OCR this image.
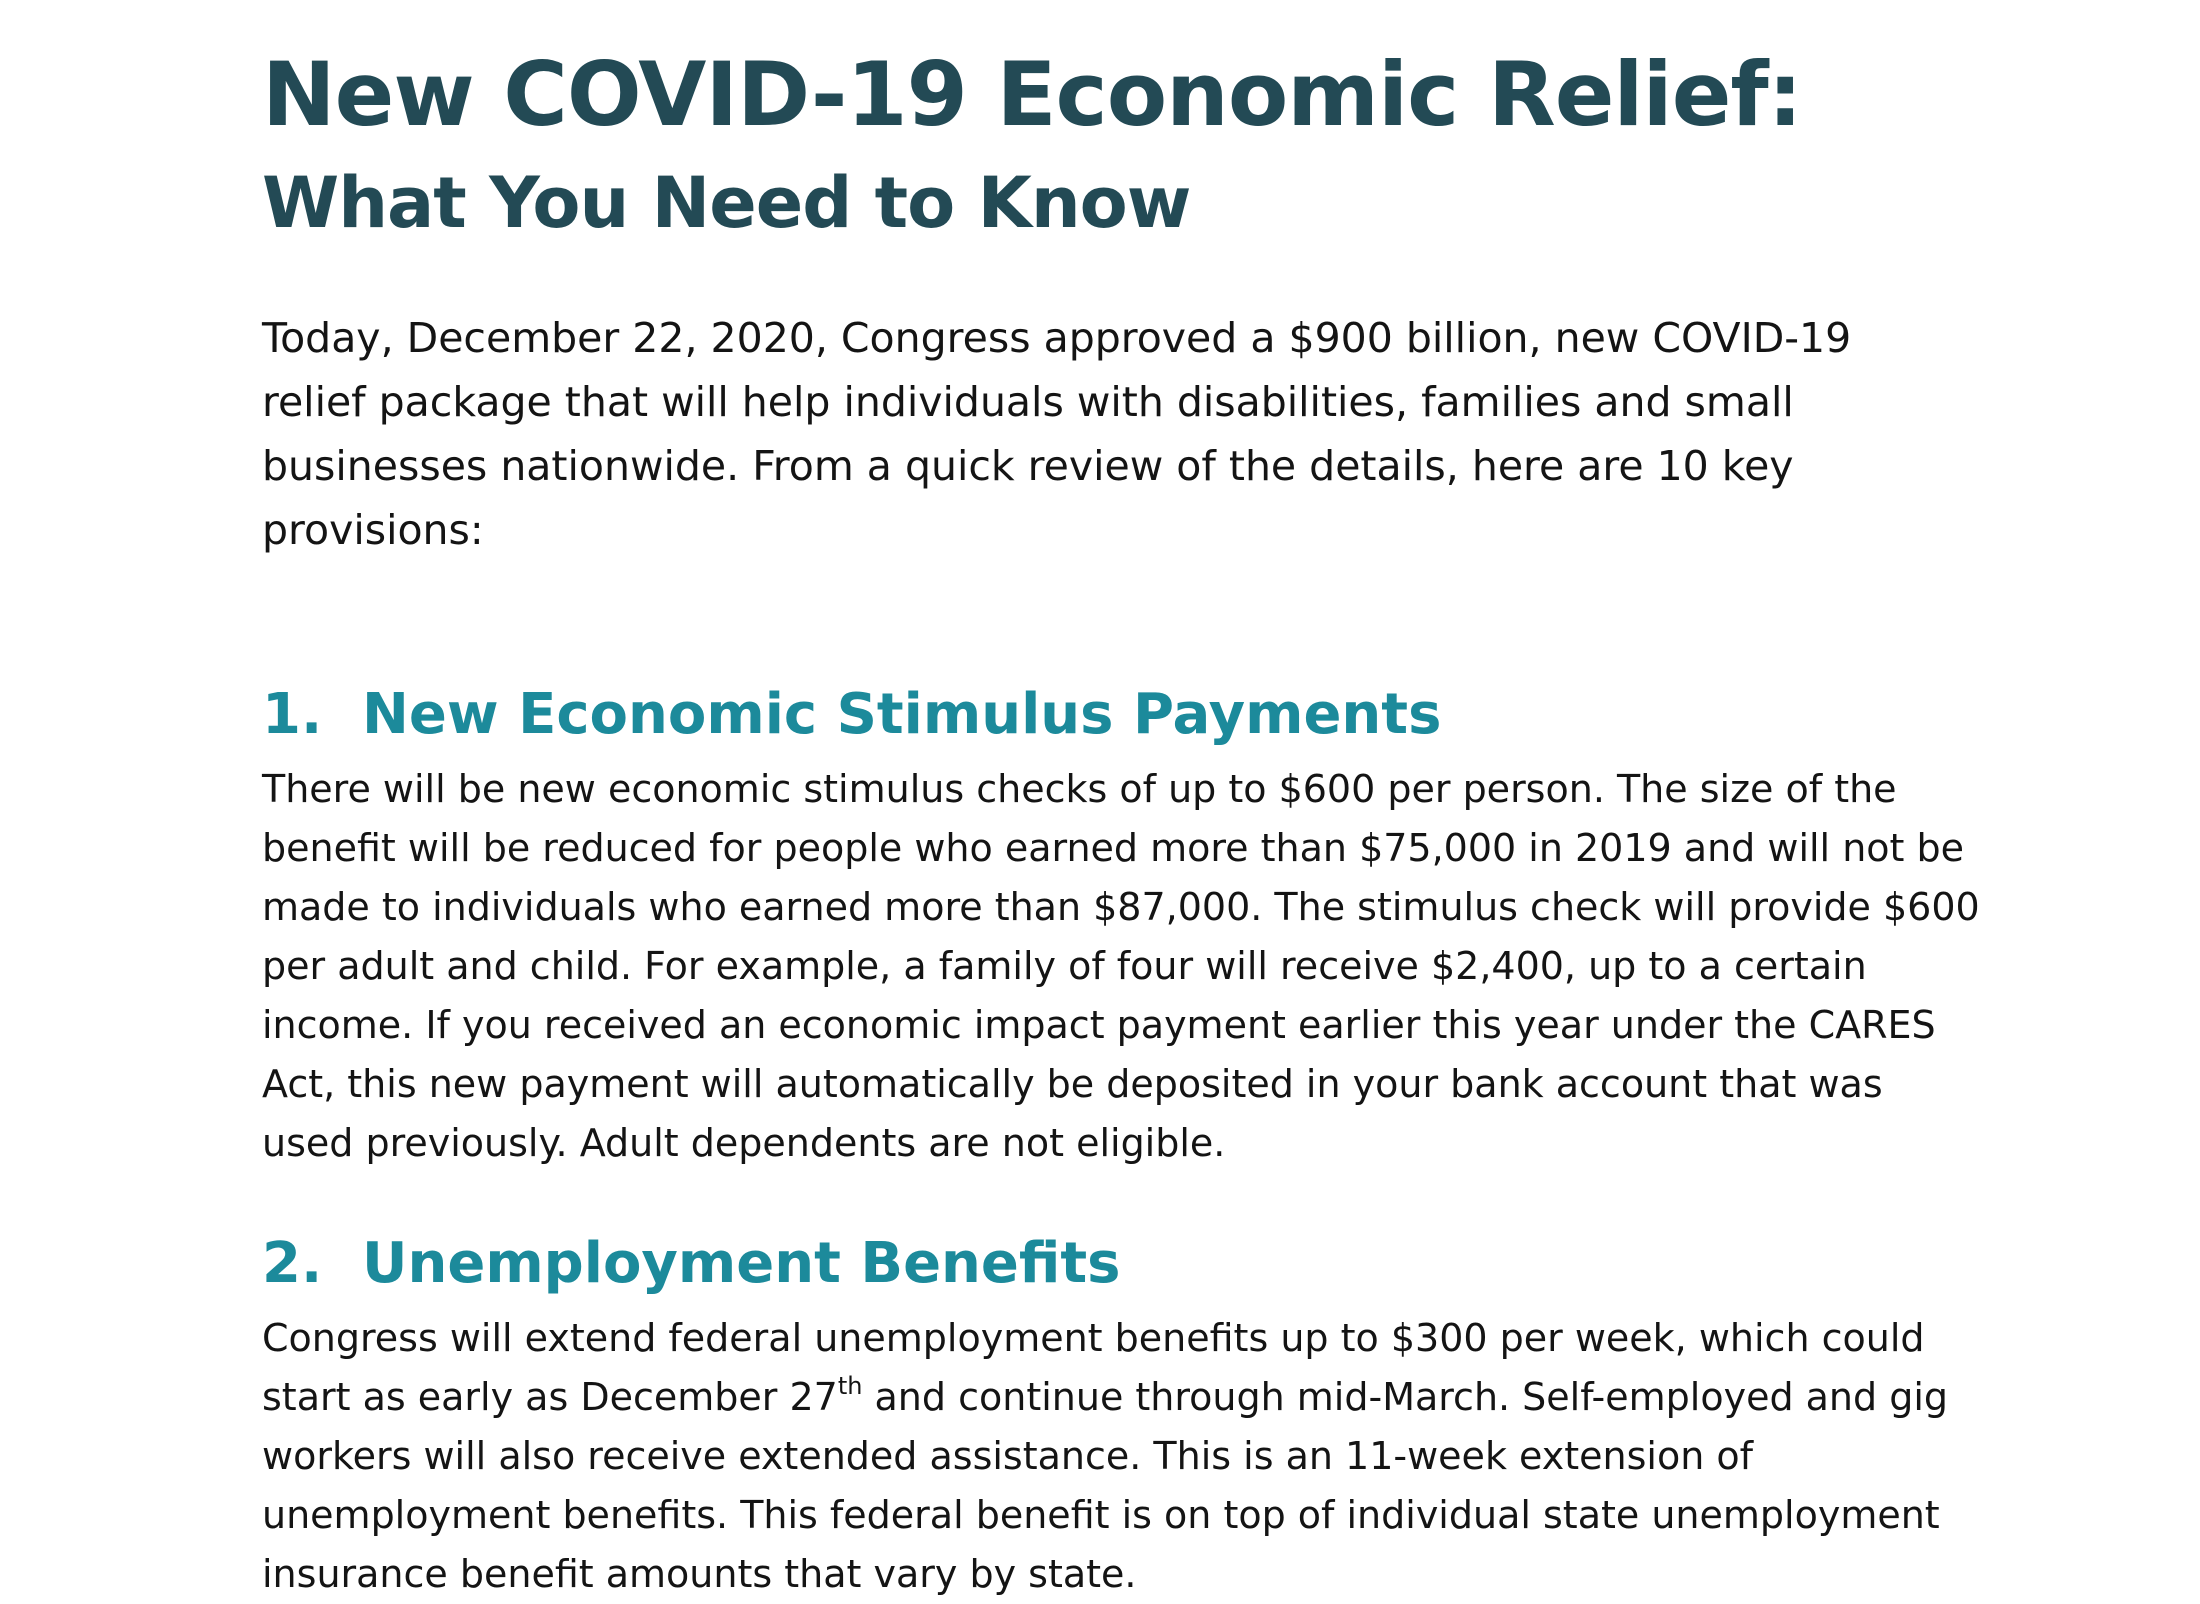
New COVID-19 Economic Relief:
What You Need to Know

Today, December 22, 2020, Congress approved a $900 billion, new COVID-19 relief package that will help individuals with disabilities, families and small businesses nationwide. From a quick review of the details, here are 10 key provisions:

1. New Economic Stimulus Payments

There will be new economic stimulus checks of up to $600 per person. The size of the benefit will be reduced for people who earned more than $75,000 in 2019 and will not be made to individuals who earned more than $87,000. The stimulus check will provide $600 per adult and child. For example, a family of four will receive $2,400, up to a certain income. If you received an economic impact payment earlier this year under the CARES Act, this new payment will automatically be deposited in your bank account that was used previously. Adult dependents are not eligible.

2. Unemployment Benefits

Congress will extend federal unemployment benefits up to $300 per week, which could start as early as December 27th and continue through mid-March. Self-employed and gig workers will also receive extended assistance. This is an 11-week extension of unemployment benefits. This federal benefit is on top of individual state unemployment insurance benefit amounts that vary by state.
